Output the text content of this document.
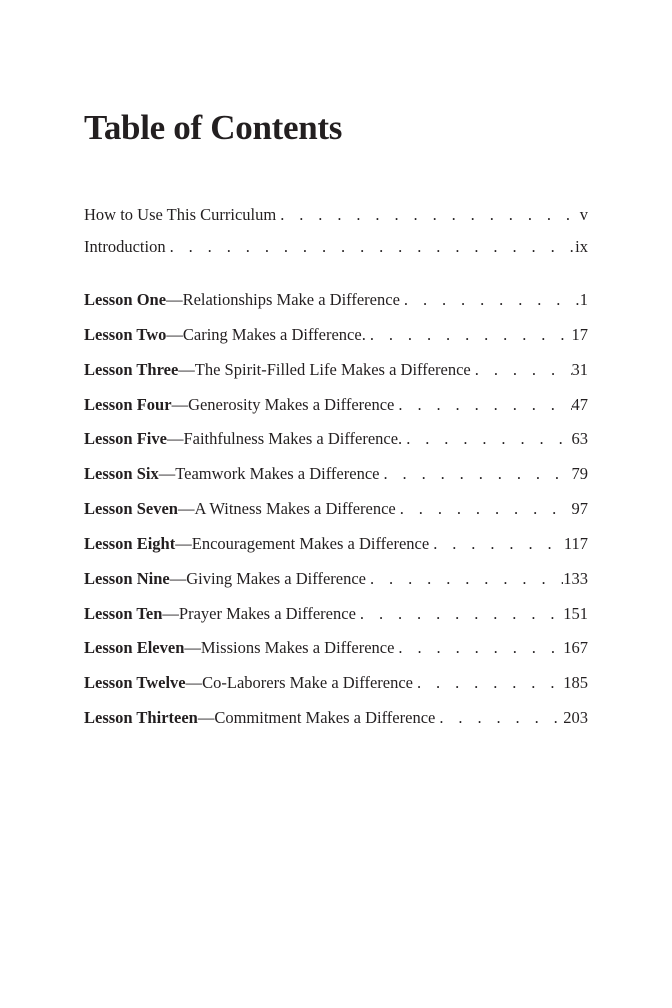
Table of Contents
How to Use This Curriculum . . .	v
Introduction . . .	ix
Lesson One—Relationships Make a Difference . . .	1
Lesson Two—Caring Makes a Difference. . . .	17
Lesson Three—The Spirit-Filled Life Makes a Difference . . .	31
Lesson Four—Generosity Makes a Difference . . .	47
Lesson Five—Faithfulness Makes a Difference. . . .	63
Lesson Six—Teamwork Makes a Difference . . .	79
Lesson Seven—A Witness Makes a Difference . . .	97
Lesson Eight—Encouragement Makes a Difference . . .	117
Lesson Nine—Giving Makes a Difference . . .	133
Lesson Ten—Prayer Makes a Difference . . .	151
Lesson Eleven—Missions Makes a Difference . . .	167
Lesson Twelve—Co-Laborers Make a Difference . . .	185
Lesson Thirteen—Commitment Makes a Difference . . .	203
